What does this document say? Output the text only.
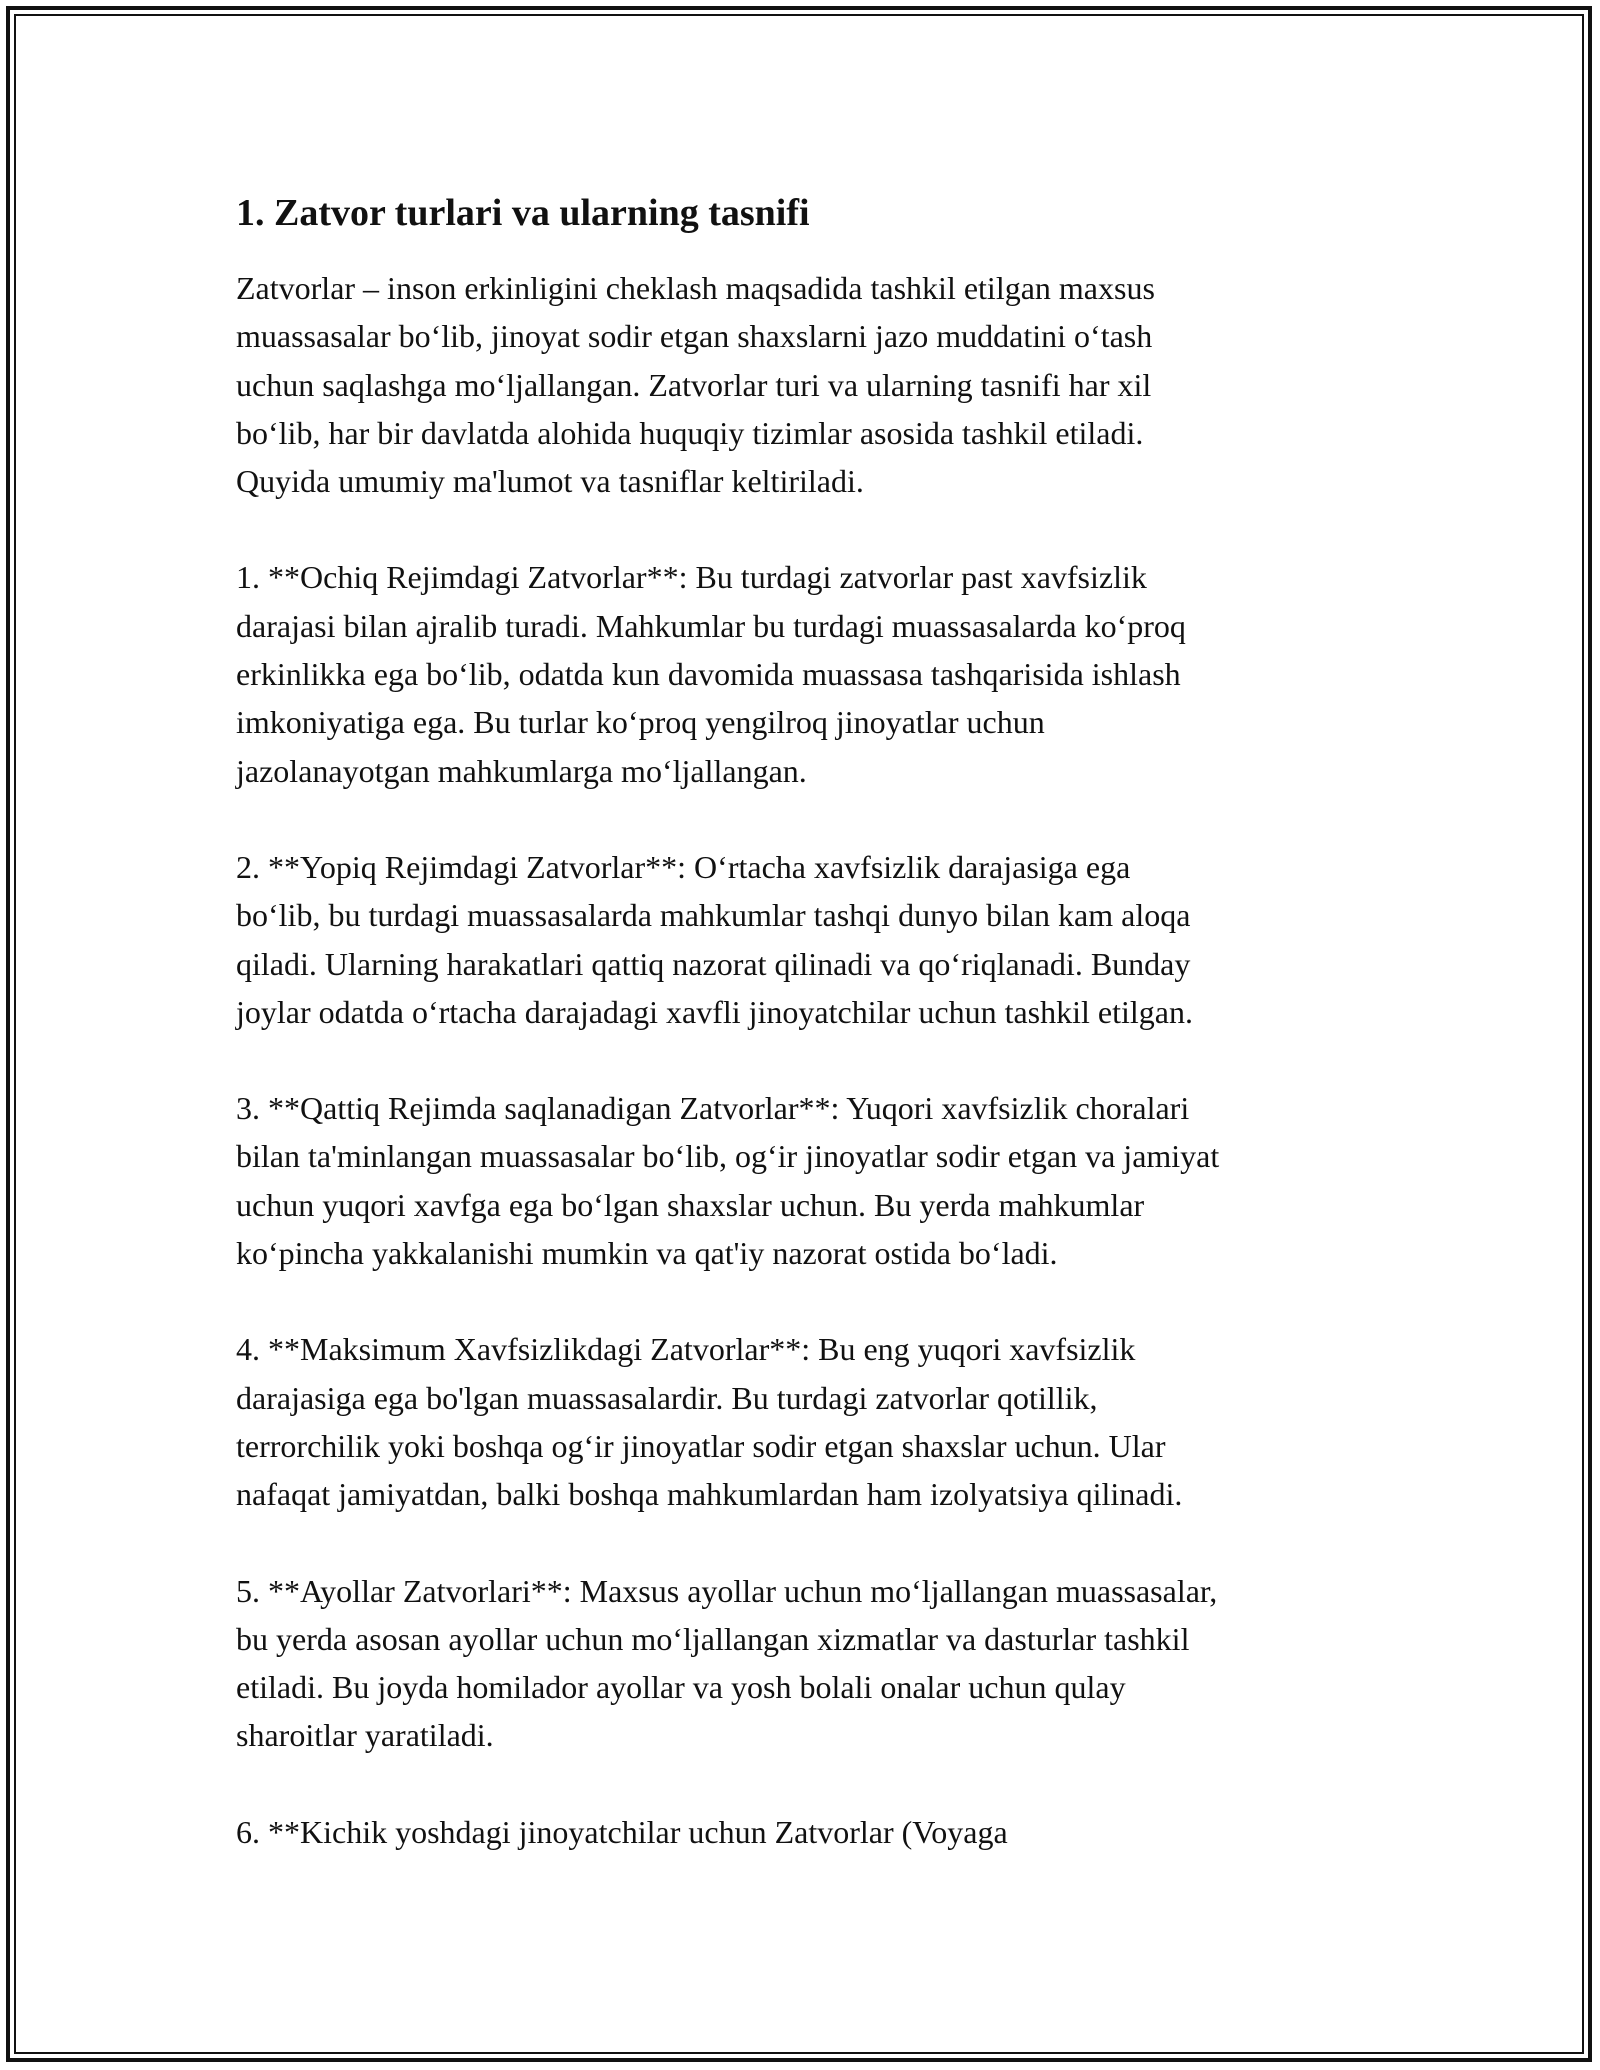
1. Zatvor turlari va ularning tasnifi

Zatvorlar – inson erkinligini cheklash maqsadida tashkil etilgan maxsus
muassasalar bo‘lib, jinoyat sodir etgan shaxslarni jazo muddatini o‘tash
uchun saqlashga mo‘ljallangan. Zatvorlar turi va ularning tasnifi har xil
bo‘lib, har bir davlatda alohida huquqiy tizimlar asosida tashkil etiladi.
Quyida umumiy ma'lumot va tasniflar keltiriladi.

1. **Ochiq Rejimdagi Zatvorlar**: Bu turdagi zatvorlar past xavfsizlik
darajasi bilan ajralib turadi. Mahkumlar bu turdagi muassasalarda ko‘proq
erkinlikka ega bo‘lib, odatda kun davomida muassasa tashqarisida ishlash
imkoniyatiga ega. Bu turlar ko‘proq yengilroq jinoyatlar uchun
jazolanayotgan mahkumlarga mo‘ljallangan.

2. **Yopiq Rejimdagi Zatvorlar**: O‘rtacha xavfsizlik darajasiga ega
bo‘lib, bu turdagi muassasalarda mahkumlar tashqi dunyo bilan kam aloqa
qiladi. Ularning harakatlari qattiq nazorat qilinadi va qo‘riqlanadi. Bunday
joylar odatda o‘rtacha darajadagi xavfli jinoyatchilar uchun tashkil etilgan.

3. **Qattiq Rejimda saqlanadigan Zatvorlar**: Yuqori xavfsizlik choralari
bilan ta'minlangan muassasalar bo‘lib, og‘ir jinoyatlar sodir etgan va jamiyat
uchun yuqori xavfga ega bo‘lgan shaxslar uchun. Bu yerda mahkumlar
ko‘pincha yakkalanishi mumkin va qat'iy nazorat ostida bo‘ladi.

4. **Maksimum Xavfsizlikdagi Zatvorlar**: Bu eng yuqori xavfsizlik
darajasiga ega bo'lgan muassasalardir. Bu turdagi zatvorlar qotillik,
terrorchilik yoki boshqa og‘ir jinoyatlar sodir etgan shaxslar uchun. Ular
nafaqat jamiyatdan, balki boshqa mahkumlardan ham izolyatsiya qilinadi.

5. **Ayollar Zatvorlari**: Maxsus ayollar uchun mo‘ljallangan muassasalar,
bu yerda asosan ayollar uchun mo‘ljallangan xizmatlar va dasturlar tashkil
etiladi. Bu joyda homilador ayollar va yosh bolali onalar uchun qulay
sharoitlar yaratiladi.

6. **Kichik yoshdagi jinoyatchilar uchun Zatvorlar (Voyaga
